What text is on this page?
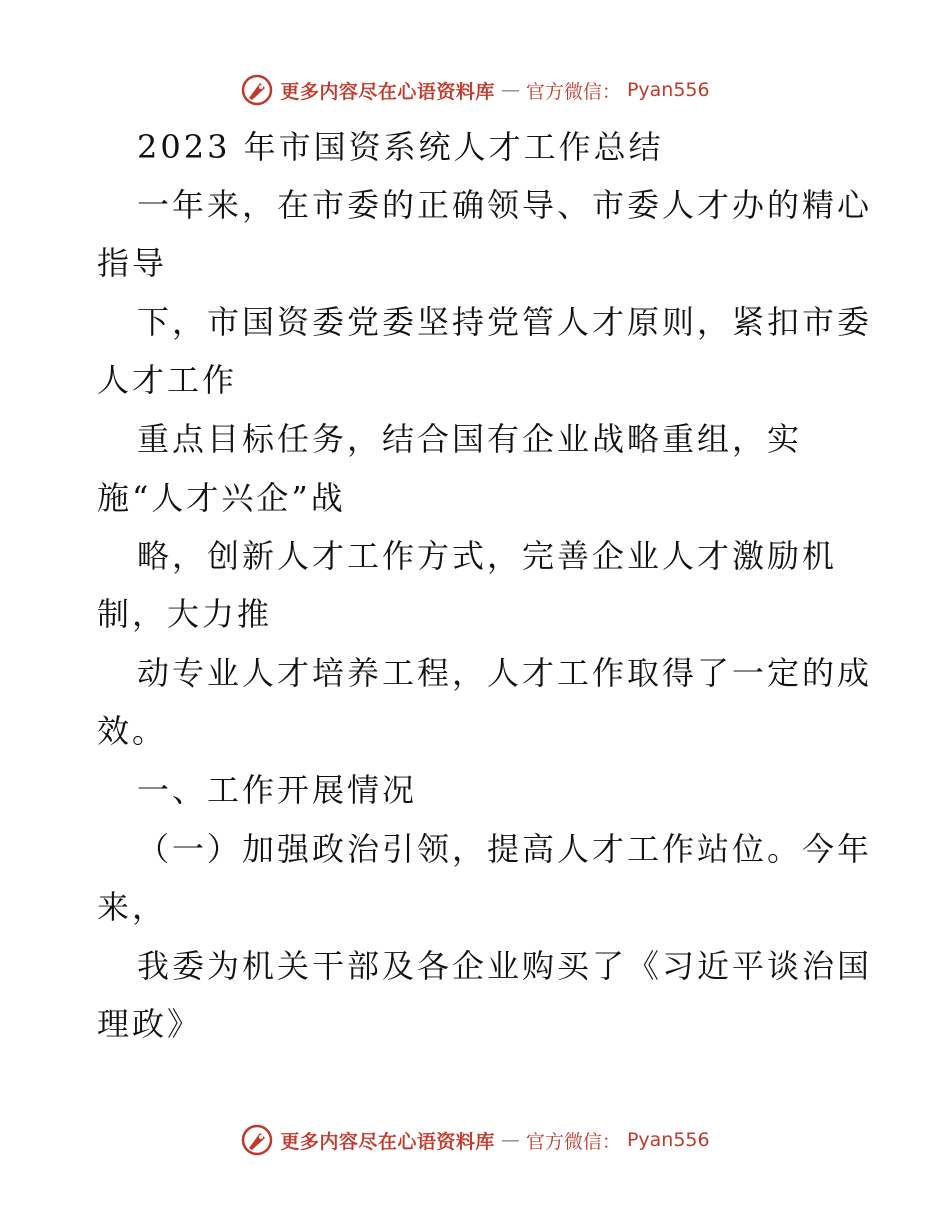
更多内容尽在心语资料库 — 官方微信： Pyan556
2023 年市国资系统人才工作总结
一年来，在市委的正确领导、市委人才办的精心
指导
下，市国资委党委坚持党管人才原则，紧扣市委
人才工作
重点目标任务，结合国有企业战略重组，实
施“人才兴企”战
略，创新人才工作方式，完善企业人才激励机
制，大力推
动专业人才培养工程，人才工作取得了一定的成
效。
一、工作开展情况
（一）加强政治引领，提高人才工作站位。今年
来，
我委为机关干部及各企业购买了《习近平谈治国
理政》
更多内容尽在心语资料库 — 官方微信： Pyan556
